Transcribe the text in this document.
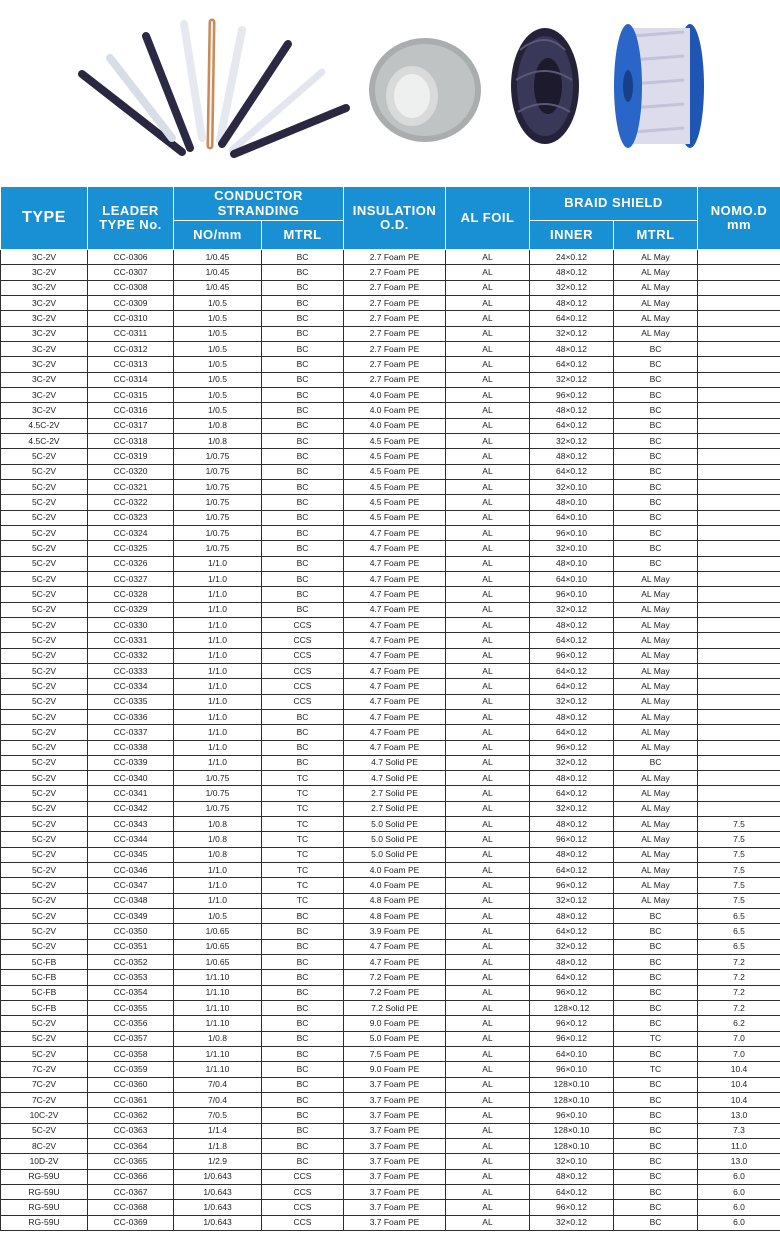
TYPE	LEADER TYPE No.	CONDUCTOR STRANDING		INSULATION O.D.	AL FOIL	BRAID SHIELD		NOMO.D mm
		NO/mm	MTRL			INNER	MTRL	
3C-2V	CC-0306	1/0.45	BC	2.7 Foam PE	AL	24×0.12	AL May	
3C-2V	CC-0307	1/0.45	BC	2.7 Foam PE	AL	48×0.12	AL May	
3C-2V	CC-0308	1/0.45	BC	2.7 Foam PE	AL	32×0.12	AL May	
3C-2V	CC-0309	1/0.5	BC	2.7 Foam PE	AL	48×0.12	AL May	
3C-2V	CC-0310	1/0.5	BC	2.7 Foam PE	AL	64×0.12	AL May	
3C-2V	CC-0311	1/0.5	BC	2.7 Foam PE	AL	32×0.12	AL May	
3C-2V	CC-0312	1/0.5	BC	2.7 Foam PE	AL	48×0.12	BC	
3C-2V	CC-0313	1/0.5	BC	2.7 Foam PE	AL	64×0.12	BC	
3C-2V	CC-0314	1/0.5	BC	2.7 Foam PE	AL	32×0.12	BC	
3C-2V	CC-0315	1/0.5	BC	4.0 Foam PE	AL	96×0.12	BC	
3C-2V	CC-0316	1/0.5	BC	4.0 Foam PE	AL	48×0.12	BC	
4.5C-2V	CC-0317	1/0.8	BC	4.0 Foam PE	AL	64×0.12	BC	
4.5C-2V	CC-0318	1/0.8	BC	4.5 Foam PE	AL	32×0.12	BC	
5C-2V	CC-0319	1/0.75	BC	4.5 Foam PE	AL	48×0.12	BC	
5C-2V	CC-0320	1/0.75	BC	4.5 Foam PE	AL	64×0.12	BC	
5C-2V	CC-0321	1/0.75	BC	4.5 Foam PE	AL	32×0.10	BC	
5C-2V	CC-0322	1/0.75	BC	4.5 Foam PE	AL	48×0.10	BC	
5C-2V	CC-0323	1/0.75	BC	4.5 Foam PE	AL	64×0.10	BC	
5C-2V	CC-0324	1/0.75	BC	4.7 Foam PE	AL	96×0.10	BC	
5C-2V	CC-0325	1/0.75	BC	4.7 Foam PE	AL	32×0.10	BC	
5C-2V	CC-0326	1/1.0	BC	4.7 Foam PE	AL	48×0.10	BC	
5C-2V	CC-0327	1/1.0	BC	4.7 Foam PE	AL	64×0.10	AL May	
5C-2V	CC-0328	1/1.0	BC	4.7 Foam PE	AL	96×0.10	AL May	
5C-2V	CC-0329	1/1.0	BC	4.7 Foam PE	AL	32×0.12	AL May	
5C-2V	CC-0330	1/1.0	CCS	4.7 Foam PE	AL	48×0.12	AL May	
5C-2V	CC-0331	1/1.0	CCS	4.7 Foam PE	AL	64×0.12	AL May	
5C-2V	CC-0332	1/1.0	CCS	4.7 Foam PE	AL	96×0.12	AL May	
5C-2V	CC-0333	1/1.0	CCS	4.7 Foam PE	AL	64×0.12	AL May	
5C-2V	CC-0334	1/1.0	CCS	4.7 Foam PE	AL	64×0.12	AL May	
5C-2V	CC-0335	1/1.0	CCS	4.7 Foam PE	AL	32×0.12	AL May	
5C-2V	CC-0336	1/1.0	BC	4.7 Foam PE	AL	48×0.12	AL May	
5C-2V	CC-0337	1/1.0	BC	4.7 Foam PE	AL	64×0.12	AL May	
5C-2V	CC-0338	1/1.0	BC	4.7 Foam PE	AL	96×0.12	AL May	
5C-2V	CC-0339	1/1.0	BC	4.7 Solid PE	AL	32×0.12	BC	
5C-2V	CC-0340	1/0.75	TC	4.7 Solid PE	AL	48×0.12	AL May	
5C-2V	CC-0341	1/0.75	TC	2.7 Solid PE	AL	64×0.12	AL May	
5C-2V	CC-0342	1/0.75	TC	2.7 Solid PE	AL	32×0.12	AL May	
5C-2V	CC-0343	1/0.8	TC	5.0 Solid PE	AL	48×0.12	AL May	7.5
5C-2V	CC-0344	1/0.8	TC	5.0 Solid PE	AL	96×0.12	AL May	7.5
5C-2V	CC-0345	1/0.8	TC	5.0 Solid PE	AL	48×0.12	AL May	7.5
5C-2V	CC-0346	1/1.0	TC	4.0 Foam PE	AL	64×0.12	AL May	7.5
5C-2V	CC-0347	1/1.0	TC	4.0 Foam PE	AL	96×0.12	AL May	7.5
5C-2V	CC-0348	1/1.0	TC	4.8 Foam PE	AL	32×0.12	AL May	7.5
5C-2V	CC-0349	1/0.5	BC	4.8 Foam PE	AL	48×0.12	BC	6.5
5C-2V	CC-0350	1/0.65	BC	3.9 Foam PE	AL	64×0.12	BC	6.5
5C-2V	CC-0351	1/0.65	BC	4.7 Foam PE	AL	32×0.12	BC	6.5
5C-FB	CC-0352	1/0.65	BC	4.7 Foam PE	AL	48×0.12	BC	7.2
5C-FB	CC-0353	1/1.10	BC	7.2 Foam PE	AL	64×0.12	BC	7.2
5C-FB	CC-0354	1/1.10	BC	7.2 Foam PE	AL	96×0.12	BC	7.2
5C-FB	CC-0355	1/1.10	BC	7.2 Solid PE	AL	128×0.12	BC	7.2
5C-2V	CC-0356	1/1.10	BC	9.0 Foam PE	AL	96×0.12	BC	6.2
5C-2V	CC-0357	1/0.8	BC	5.0 Foam PE	AL	96×0.12	TC	7.0
5C-2V	CC-0358	1/1.10	BC	7.5 Foam PE	AL	64×0.10	BC	7.0
7C-2V	CC-0359	1/1.10	BC	9.0 Foam PE	AL	96×0.10	TC	10.4
7C-2V	CC-0360	7/0.4	BC	3.7 Foam PE	AL	128×0.10	BC	10.4
7C-2V	CC-0361	7/0.4	BC	3.7 Foam PE	AL	128×0.10	BC	10.4
10C-2V	CC-0362	7/0.5	BC	3.7 Foam PE	AL	96×0.10	BC	13.0
5C-2V	CC-0363	1/1.4	BC	3.7 Foam PE	AL	128×0.10	BC	7.3
8C-2V	CC-0364	1/1.8	BC	3.7 Foam PE	AL	128×0.10	BC	11.0
10D-2V	CC-0365	1/2.9	BC	3.7 Foam PE	AL	32×0.10	BC	13.0
RG-59U	CC-0366	1/0.643	CCS	3.7 Foam PE	AL	48×0.12	BC	6.0
RG-59U	CC-0367	1/0.643	CCS	3.7 Foam PE	AL	64×0.12	BC	6.0
RG-59U	CC-0368	1/0.643	CCS	3.7 Foam PE	AL	96×0.12	BC	6.0
RG-59U	CC-0369	1/0.643	CCS	3.7 Foam PE	AL	32×0.12	BC	6.0
